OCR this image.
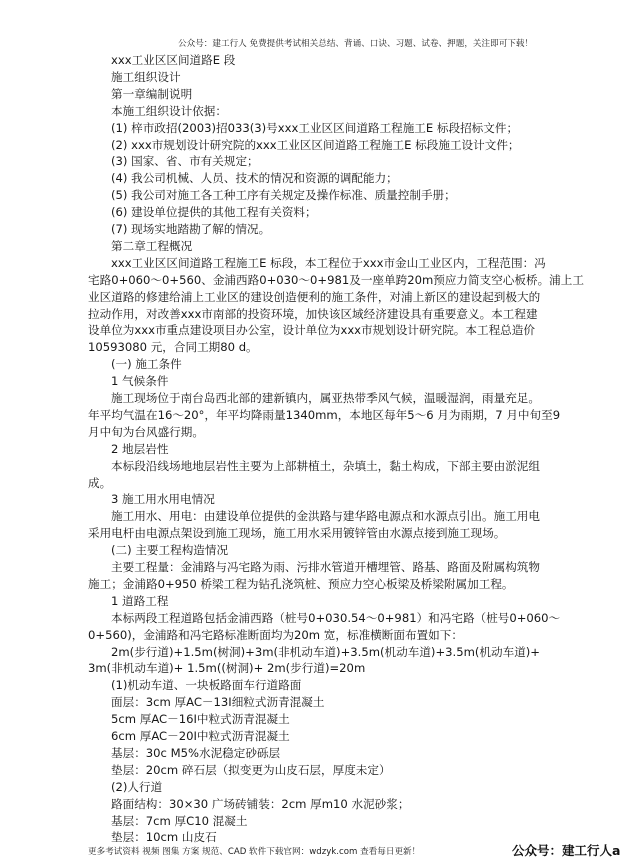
公众号：建工行人 免费提供考试相关总结、背诵、口诀、习题、试卷、押题，关注即可下载！
xxx工业区区间道路E 段
施工组织设计
第一章编制说明
本施工组织设计依据：
(1) 梓市政招(2003)招033(3)号xxx工业区区间道路工程施工E 标段招标文件；
(2) xxx市规划设计研究院的xxx工业区区间道路工程施工E 标段施工设计文件；
(3) 国家、省、市有关规定；
(4) 我公司机械、人员、技术的情况和资源的调配能力；
(5) 我公司对施工各工种工序有关规定及操作标准、质量控制手册；
(6) 建设单位提供的其他工程有关资料；
(7) 现场实地踏勘了解的情况。
第二章工程概况
xxx工业区区间道路工程施工E 标段，本工程位于xxx市金山工业区内，工程范围：冯
宅路0+060～0+560、金浦西路0+030～0+981及一座单跨20m预应力简支空心板桥。浦上工
业区道路的修建给浦上工业区的建设创造便利的施工条件，对浦上新区的建设起到极大的
拉动作用，对改善xxx市南部的投资环境，加快该区域经济建设具有重要意义。本工程建
设单位为xxx市重点建设项目办公室，设计单位为xxx市规划设计研究院。本工程总造价
10593080 元，合同工期80 d。
(一) 施工条件
1 气候条件
施工现场位于南台岛西北部的建新镇内，属亚热带季风气候，温暖湿润，雨量充足。
年平均气温在16～20°，年平均降雨量1340mm，本地区每年5～6 月为雨期，7 月中旬至9
月中旬为台风盛行期。
2 地层岩性
本标段沿线场地地层岩性主要为上部耕植土，杂填土，黏土构成，下部主要由淤泥组
成。
3 施工用水用电情况
施工用水、用电：由建设单位提供的金洪路与建华路电源点和水源点引出。施工用电
采用电杆由电源点架设到施工现场，施工用水采用镀锌管由水源点接到施工现场。
(二) 主要工程构造情况
主要工程量：金浦路与冯宅路为雨、污排水管道开槽埋管、路基、路面及附属构筑物
施工；金浦路0+950 桥梁工程为钻孔浇筑桩、预应力空心板梁及桥梁附属加工程。
1 道路工程
本标两段工程道路包括金浦西路（桩号0+030.54～0+981）和冯宅路（桩号0+060～
0+560)，金浦路和冯宅路标准断面均为20m 宽，标准横断面布置如下：
2m(步行道)+1.5m(树洞)+3m(非机动车道)+3.5m(机动车道)+3.5m(机动车道)+
3m(非机动车道)+ 1.5m((树洞)+ 2m(步行道)=20m
(1)机动车道、一块板路面车行道路面
面层：3cm 厚AC－13Ⅰ细粒式沥青混凝土
5cm 厚AC－16Ⅰ中粒式沥青混凝土
6cm 厚AC－20Ⅰ中粒式沥青混凝土
基层：30c M5%水泥稳定砂砾层
垫层：20cm 碎石层（拟变更为山皮石层，厚度未定）
(2)人行道
路面结构：30×30 广场砖铺装：2cm 厚m10 水泥砂浆；
基层：7cm 厚C10 混凝土
垫层：10cm 山皮石
更多考试资料 视频 图集 方案 规范、CAD 软件下载官网：wdzyk.com 查看每日更新！	公众号：建工行人a
